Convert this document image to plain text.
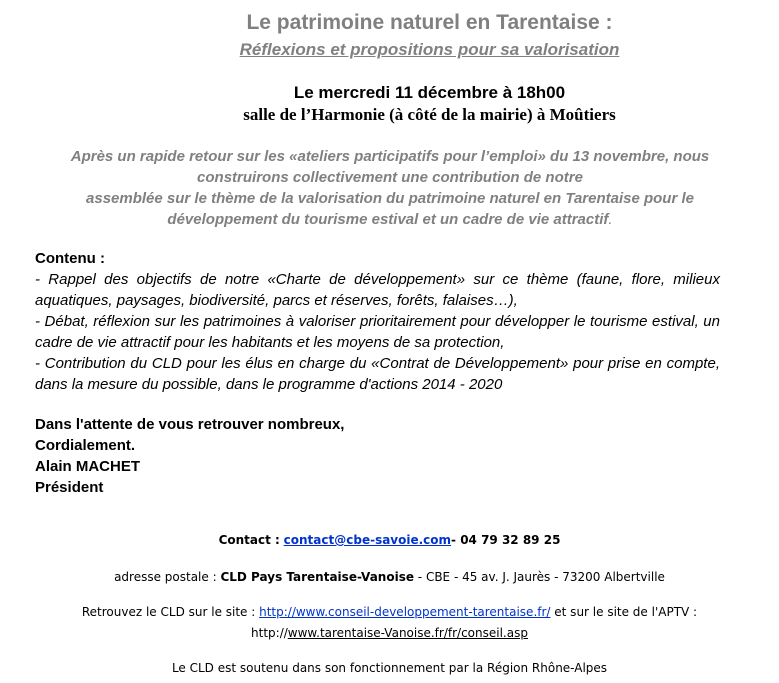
Le patrimoine naturel en Tarentaise :
Réflexions et propositions pour sa valorisation
Le mercredi 11 décembre à 18h00
salle de l’Harmonie (à côté de la mairie) à Moûtiers
Après un rapide retour sur les «ateliers participatifs pour l’emploi» du 13 novembre, nous
construirons collectivement une contribution de notre
assemblée sur le thème de la valorisation du patrimoine naturel en Tarentaise pour le
développement du tourisme estival et un cadre de vie attractif.
Contenu :
- Rappel des objectifs de notre «Charte de développement» sur ce thème (faune, flore, milieux aquatiques, paysages, biodiversité, parcs et réserves, forêts, falaises…),
- Débat, réflexion sur les patrimoines à valoriser prioritairement pour développer le tourisme estival, un cadre de vie attractif pour les habitants et les moyens de sa protection,
- Contribution du CLD pour les élus en charge du «Contrat de Développement» pour prise en compte, dans la mesure du possible, dans le programme d'actions 2014 - 2020
Dans l'attente de vous retrouver nombreux,
Cordialement.
Alain MACHET
Président
Contact : contact@cbe-savoie.com- 04 79 32 89 25
adresse postale : CLD Pays Tarentaise-Vanoise - CBE - 45 av. J. Jaurès - 73200 Albertville
Retrouvez le CLD sur le site : http://www.conseil-developpement-tarentaise.fr/ et sur le site de l'APTV :
http://www.tarentaise-Vanoise.fr/fr/conseil.asp
Le CLD est soutenu dans son fonctionnement par la Région Rhône-Alpes
